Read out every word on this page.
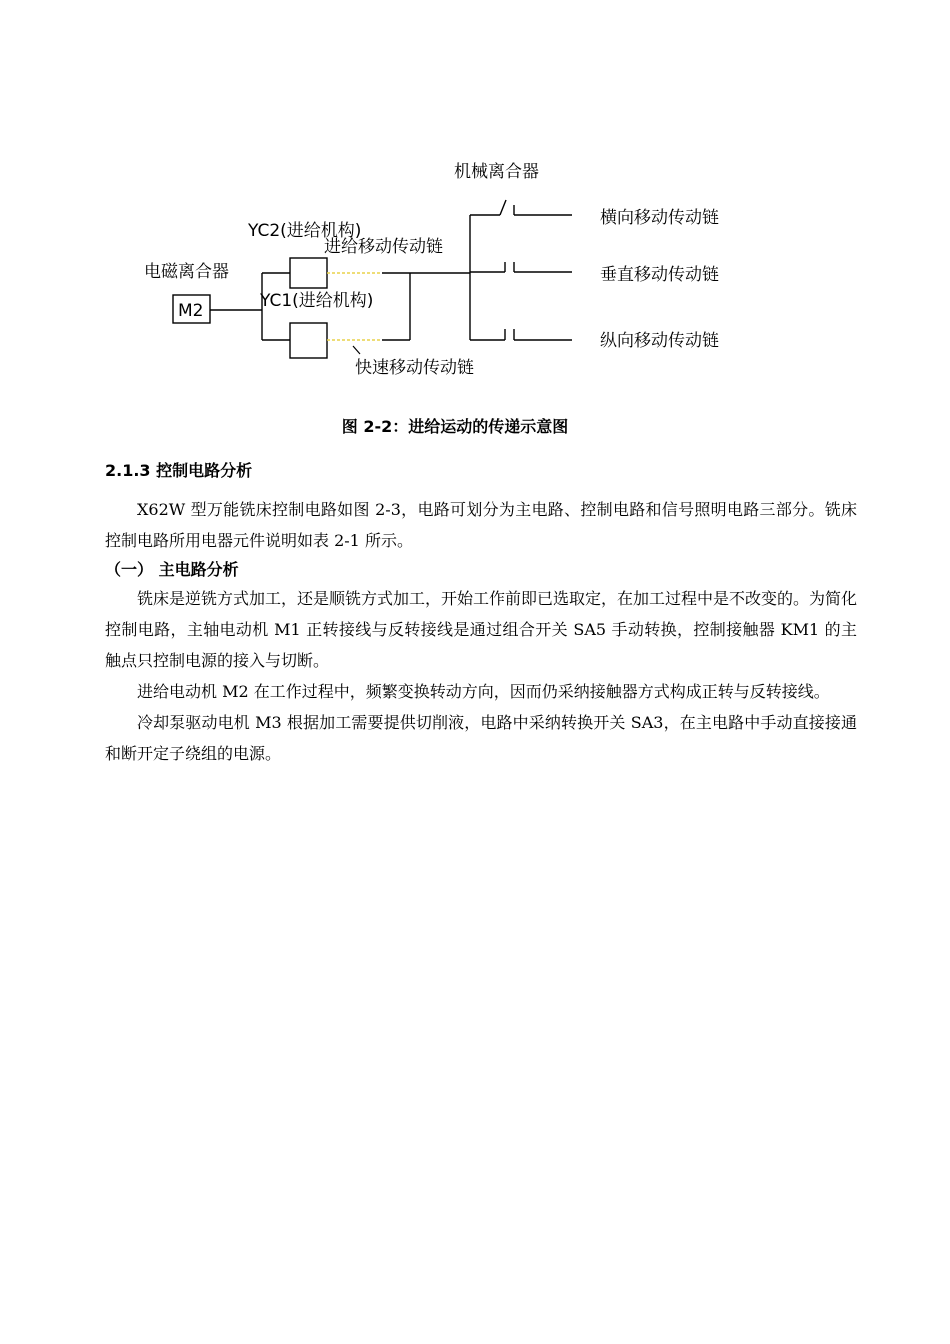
M2
机械离合器
YC2(进给机构)
进给移动传动链
电磁离合器
YC1(进给机构)
快速移动传动链
横向移动传动链
垂直移动传动链
纵向移动传动链
图 2-2：进给运动的传递示意图
2.1.3 控制电路分析

X62W 型万能铣床控制电路如图 2-3，电路可划分为主电路、控制电路和信号照明电路三部分。铣床控制电路所用电器元件说明如表 2-1 所示。

（一） 主电路分析

铣床是逆铣方式加工，还是顺铣方式加工，开始工作前即已选取定，在加工过程中是不改变的。为简化控制电路，主轴电动机 M1 正转接线与反转接线是通过组合开关 SA5 手动转换，控制接触器 KM1 的主触点只控制电源的接入与切断。

进给电动机 M2 在工作过程中，频繁变换转动方向，因而仍采纳接触器方式构成正转与反转接线。

冷却泵驱动电机 M3 根据加工需要提供切削液，电路中采纳转换开关 SA3，在主电路中手动直接接通和断开定子绕组的电源。
